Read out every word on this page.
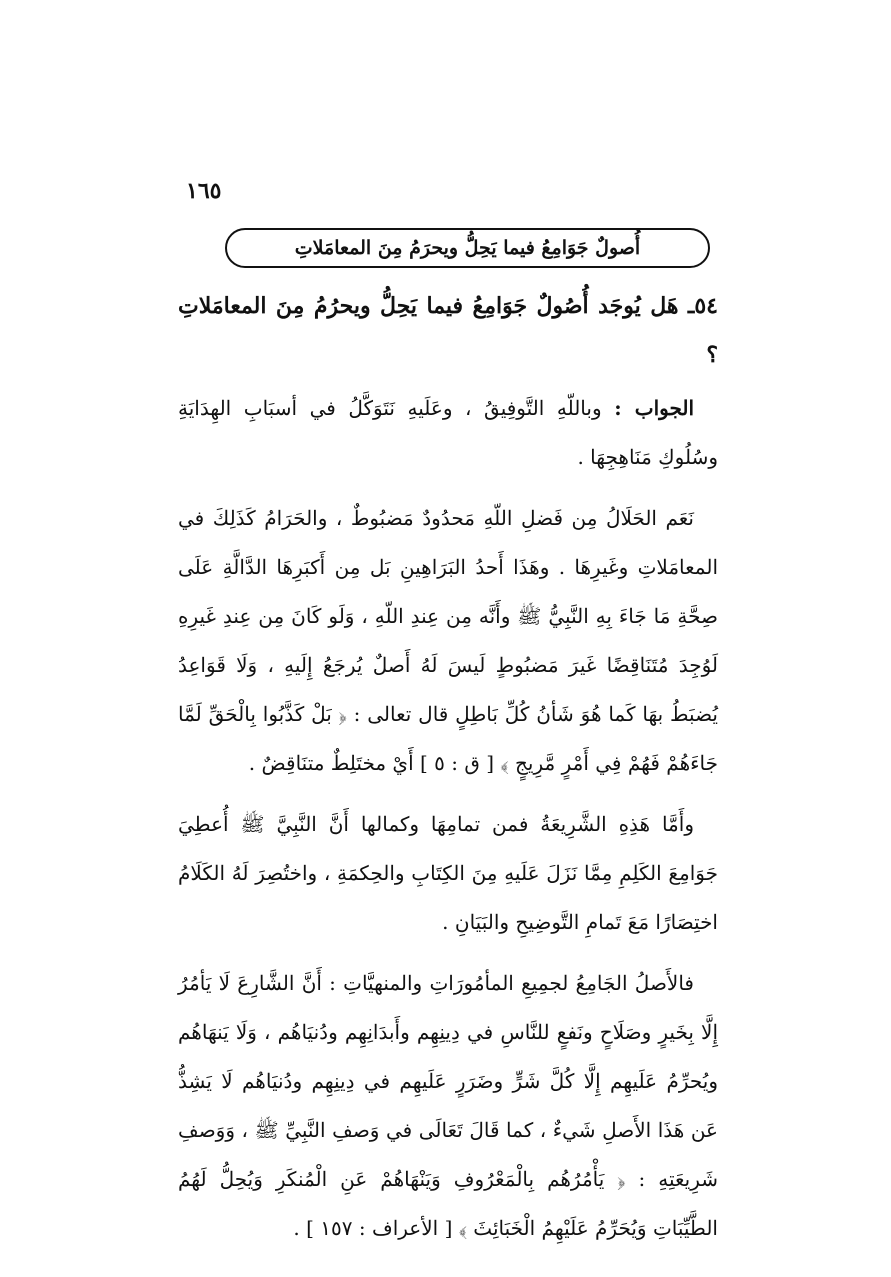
١٦٥
أُصولٌ جَوَامِعُ فيما يَحِلُّ ويحرَمُ مِنَ المعامَلاتِ

٥٤ـ هَل يُوجَد أُصُولٌ جَوَامِعُ فيما يَحِلُّ ويحرُمُ مِنَ المعامَلاتِ ؟

الجواب : وباللّهِ التَّوفِيقُ ، وعَلَيهِ نَتَوَكَّلُ في أسبَابِ الهِدَايَةِ وسُلُوكِ مَنَاهِجِهَا .

نَعَم الحَلَالُ مِن فَضلِ اللّهِ مَحدُودٌ مَضبُوطٌ ، والحَرَامُ كَذَلِكَ في المعامَلاتِ وغَيرِهَا . وهَذَا أَحدُ البَرَاهِينِ بَل مِن أَكبَرِهَا الدَّالَّةِ عَلَى صِحَّةِ مَا جَاءَ بِهِ النَّبِيُّ ﷺ وأَنَّه مِن عِندِ اللّهِ ، وَلَو كَانَ مِن عِندِ غَيرِهِ لَوُجِدَ مُتَنَاقِضًا غَيرَ مَضبُوطٍ لَيسَ لَهُ أَصلٌ يُرجَعُ إِلَيهِ ، وَلَا قَوَاعِدُ يُضبَطُ بهَا كَما هُوَ شَأنُ كُلِّ بَاطِلٍ قال تعالى : ﴿ بَلْ كَذَّبُوا بِالْحَقِّ لَمَّا جَاءَهُمْ فَهُمْ فِي أَمْرٍ مَّرِيجٍ ﴾ [ ق : ٥ ] أَيْ مختَلِطٌ متنَاقِضٌ .

وأَمَّا هَذِهِ الشَّرِيعَةُ فمن تمامِهَا وكمالها أَنَّ النَّبِيَّ ﷺ أُعطِيَ جَوَامِعَ الكَلِمِ مِمَّا نَزَلَ عَلَيهِ مِنَ الكِتَابِ والحِكمَةِ ، واختُصِرَ لَهُ الكَلَامُ اختِصَارًا مَعَ تَمامِ التَّوضِيحِ والبَيَانِ .

فالأَصلُ الجَامِعُ لجمِيعِ المأمُورَاتِ والمنهيَّاتِ : أَنَّ الشَّارِعَ لَا يَأمُرُ إِلَّا بِخَيرٍ وصَلَاحٍ ونَفعٍ للنَّاسِ في دِينِهِم وأَبدَانِهِم ودُنيَاهُم ، وَلَا يَنهَاهُم ويُحرِّمُ عَلَيهِم إِلَّا كُلَّ شَرٍّ وضَرَرٍ عَلَيهِم في دِينِهِم ودُنيَاهُم لَا يَشِذُّ عَن هَذَا الأَصلِ شَيءٌ ، كما قَالَ تَعَالَى في وَصفِ النَّبِيِّ ﷺ ، وَوَصفِ شَرِيعَتِهِ : ﴿ يَأْمُرُهُم بِالْمَعْرُوفِ وَيَنْهَاهُمْ عَنِ الْمُنكَرِ وَيُحِلُّ لَهُمُ الطَّيِّبَاتِ وَيُحَرِّمُ عَلَيْهِمُ الْخَبَائِثَ ﴾ [ الأعراف : ١٥٧ ] .
